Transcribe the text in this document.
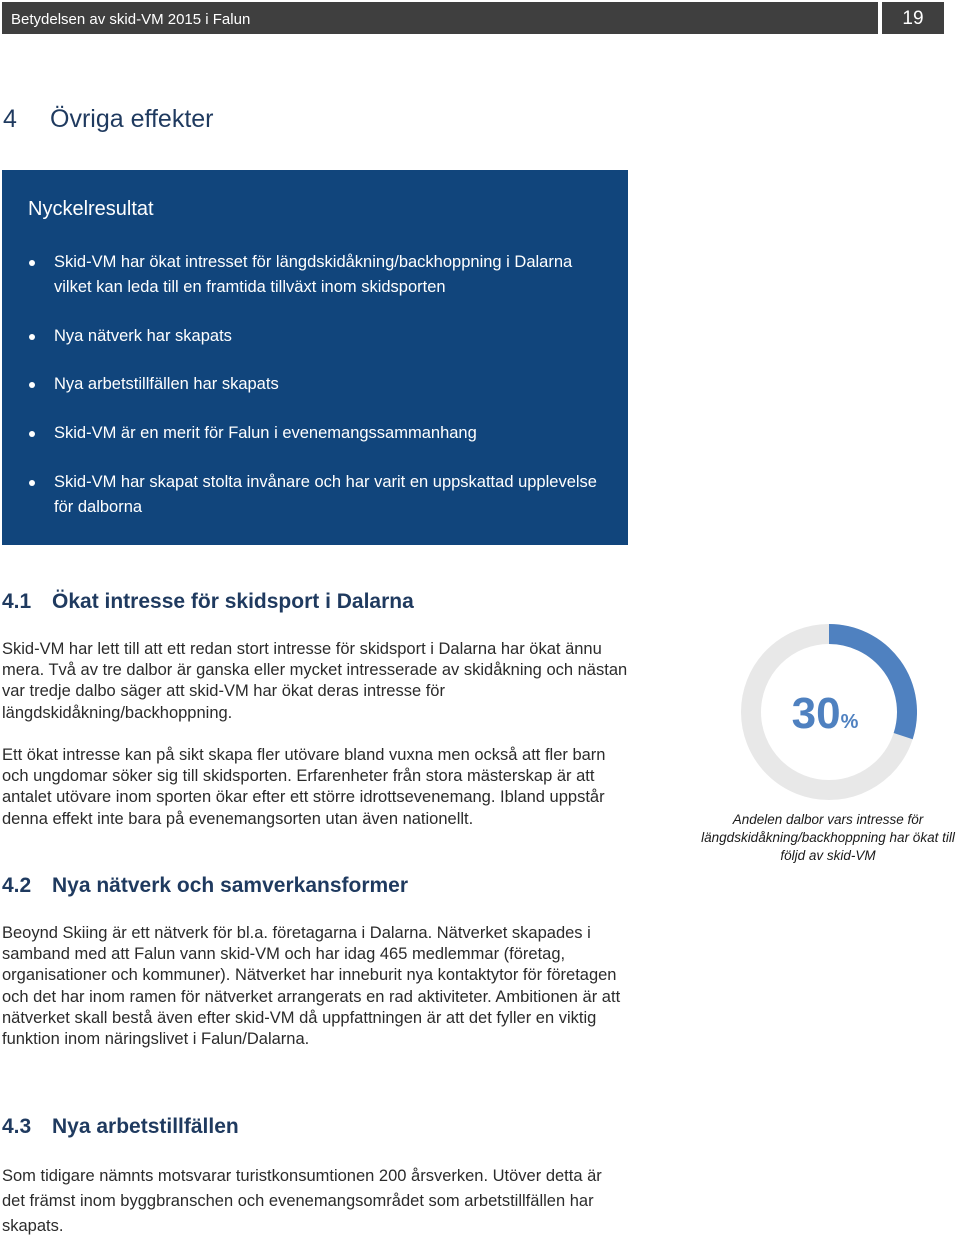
Betydelsen av skid-VM 2015 i Falun	19
4 Övriga effekter
Nyckelresultat
Skid-VM har ökat intresset för längdskidåkning/backhoppning i Dalarna vilket kan leda till en framtida tillväxt inom skidsporten
Nya nätverk har skapats
Nya arbetstillfällen har skapats
Skid-VM är en merit för Falun i evenemangssammanhang
Skid-VM har skapat stolta invånare och har varit en uppskattad upplevelse för dalborna
4.1 Ökat intresse för skidsport i Dalarna

Skid-VM har lett till att ett redan stort intresse för skidsport i Dalarna har ökat ännu mera. Två av tre dalbor är ganska eller mycket intresserade av skidåkning och nästan var tredje dalbo säger att skid-VM har ökat deras intresse för längdskidåkning/backhoppning.

Ett ökat intresse kan på sikt skapa fler utövare bland vuxna men också att fler barn och ungdomar söker sig till skidsporten. Erfarenheter från stora mästerskap är att antalet utövare inom sporten ökar efter ett större idrottsevenemang. Ibland uppstår denna effekt inte bara på evenemangsorten utan även nationellt.

30%
Andelen dalbor vars intresse för längdskidåkning/backhoppning har ökat till följd av skid-VM
4.2 Nya nätverk och samverkansformer

Beoynd Skiing är ett nätverk för bl.a. företagarna i Dalarna. Nätverket skapades i samband med att Falun vann skid-VM och har idag 465 medlemmar (företag, organisationer och kommuner). Nätverket har inneburit nya kontaktytor för företagen och det har inom ramen för nätverket arrangerats en rad aktiviteter. Ambitionen är att nätverket skall bestå även efter skid-VM då uppfattningen är att det fyller en viktig funktion inom näringslivet i Falun/Dalarna.

4.3 Nya arbetstillfällen

Som tidigare nämnts motsvarar turistkonsumtionen 200 årsverken. Utöver detta är det främst inom byggbranschen och evenemangsområdet som arbetstillfällen har skapats.
